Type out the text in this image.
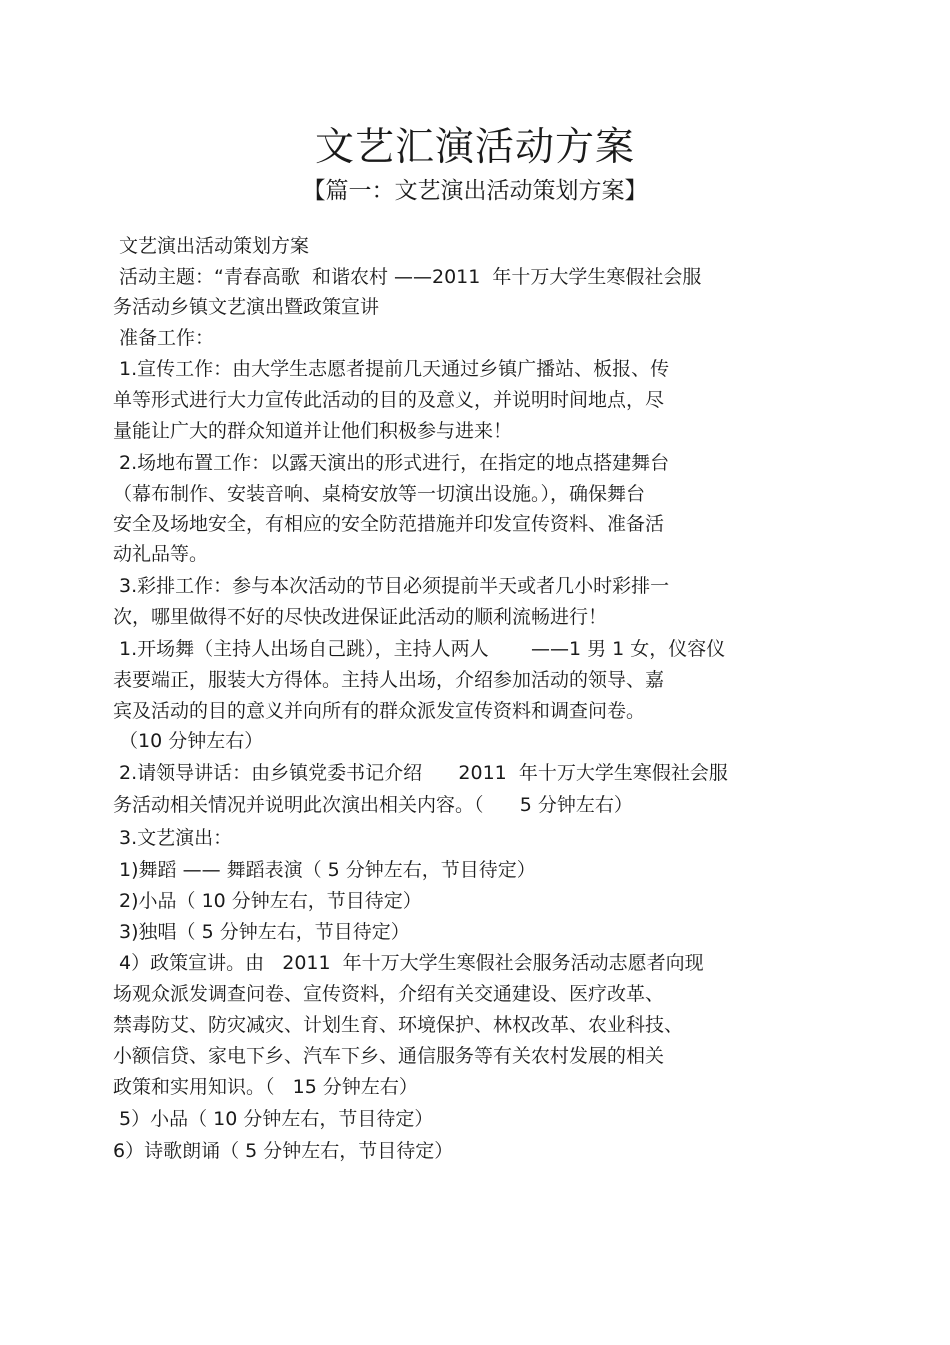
文艺汇演活动方案
【篇一：文艺演出活动策划方案】
文艺演出活动策划方案
活动主题：“青春高歌  和谐农村 ——2011  年十万大学生寒假社会服
务活动乡镇文艺演出暨政策宣讲
准备工作：
1.宣传工作：由大学生志愿者提前几天通过乡镇广播站、板报、传
单等形式进行大力宣传此活动的目的及意义，并说明时间地点，尽
量能让广大的群众知道并让他们积极参与进来！
2.场地布置工作：以露天演出的形式进行，在指定的地点搭建舞台
（幕布制作、安装音响、桌椅安放等一切演出设施。），确保舞台
安全及场地安全，有相应的安全防范措施并印发宣传资料、准备活
动礼品等。
3.彩排工作：参与本次活动的节目必须提前半天或者几小时彩排一
次，哪里做得不好的尽快改进保证此活动的顺利流畅进行！
1.开场舞（主持人出场自己跳），主持人两人       ——1 男 1 女，仪容仪
表要端正，服装大方得体。主持人出场，介绍参加活动的领导、嘉
宾及活动的目的意义并向所有的群众派发宣传资料和调查问卷。
（10 分钟左右）
2.请领导讲话：由乡镇党委书记介绍      2011  年十万大学生寒假社会服
务活动相关情况并说明此次演出相关内容。（      5 分钟左右）
3.文艺演出：
1)舞蹈 —— 舞蹈表演（ 5 分钟左右，节目待定）
2)小品（ 10 分钟左右，节目待定）
3)独唱（ 5 分钟左右，节目待定）
4）政策宣讲。由   2011  年十万大学生寒假社会服务活动志愿者向现
场观众派发调查问卷、宣传资料，介绍有关交通建设、医疗改革、
禁毒防艾、防灾减灾、计划生育、环境保护、林权改革、农业科技、
小额信贷、家电下乡、汽车下乡、通信服务等有关农村发展的相关
政策和实用知识。（   15 分钟左右）
5）小品（ 10 分钟左右，节目待定）
6）诗歌朗诵（ 5 分钟左右，节目待定）
